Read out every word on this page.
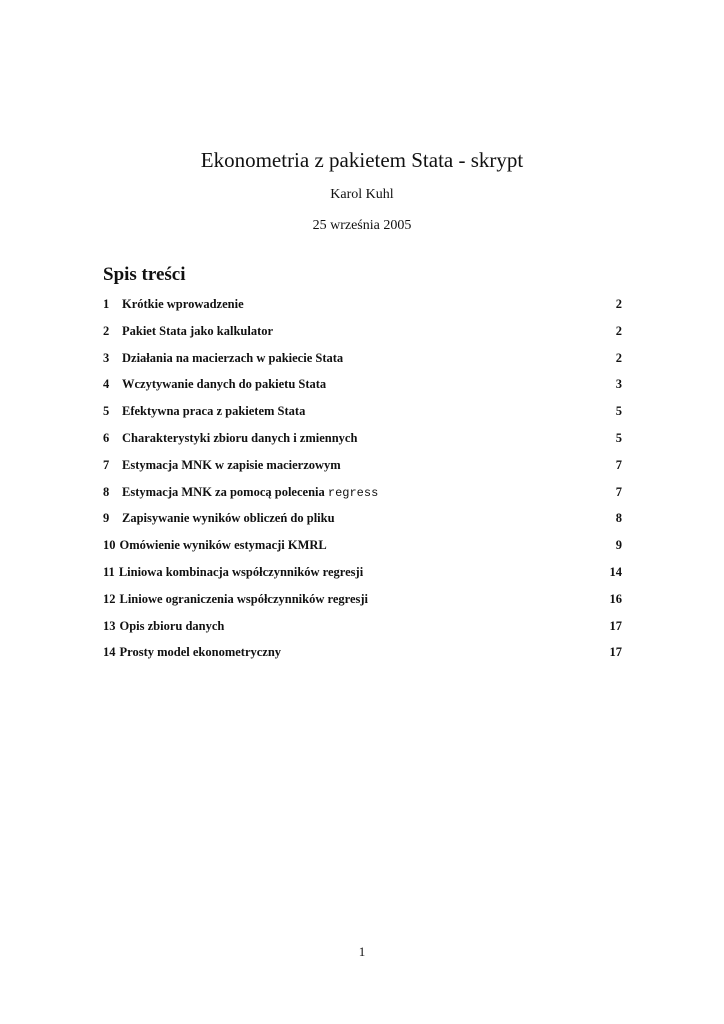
Ekonometria z pakietem Stata - skrypt
Karol Kuhl
25 września 2005
Spis treści
1	Krótkie wprowadzenie	2
2	Pakiet Stata jako kalkulator	2
3	Działania na macierzach w pakiecie Stata	2
4	Wczytywanie danych do pakietu Stata	3
5	Efektywna praca z pakietem Stata	5
6	Charakterystyki zbioru danych i zmiennych	5
7	Estymacja MNK w zapisie macierzowym	7
8	Estymacja MNK za pomocą polecenia regress	7
9	Zapisywanie wyników obliczeń do pliku	8
10 Omówienie wyników estymacji KMRL	9
11 Liniowa kombinacja współczynników regresji	14
12 Liniowe ograniczenia współczynników regresji	16
13 Opis zbioru danych	17
14 Prosty model ekonometryczny	17
1
